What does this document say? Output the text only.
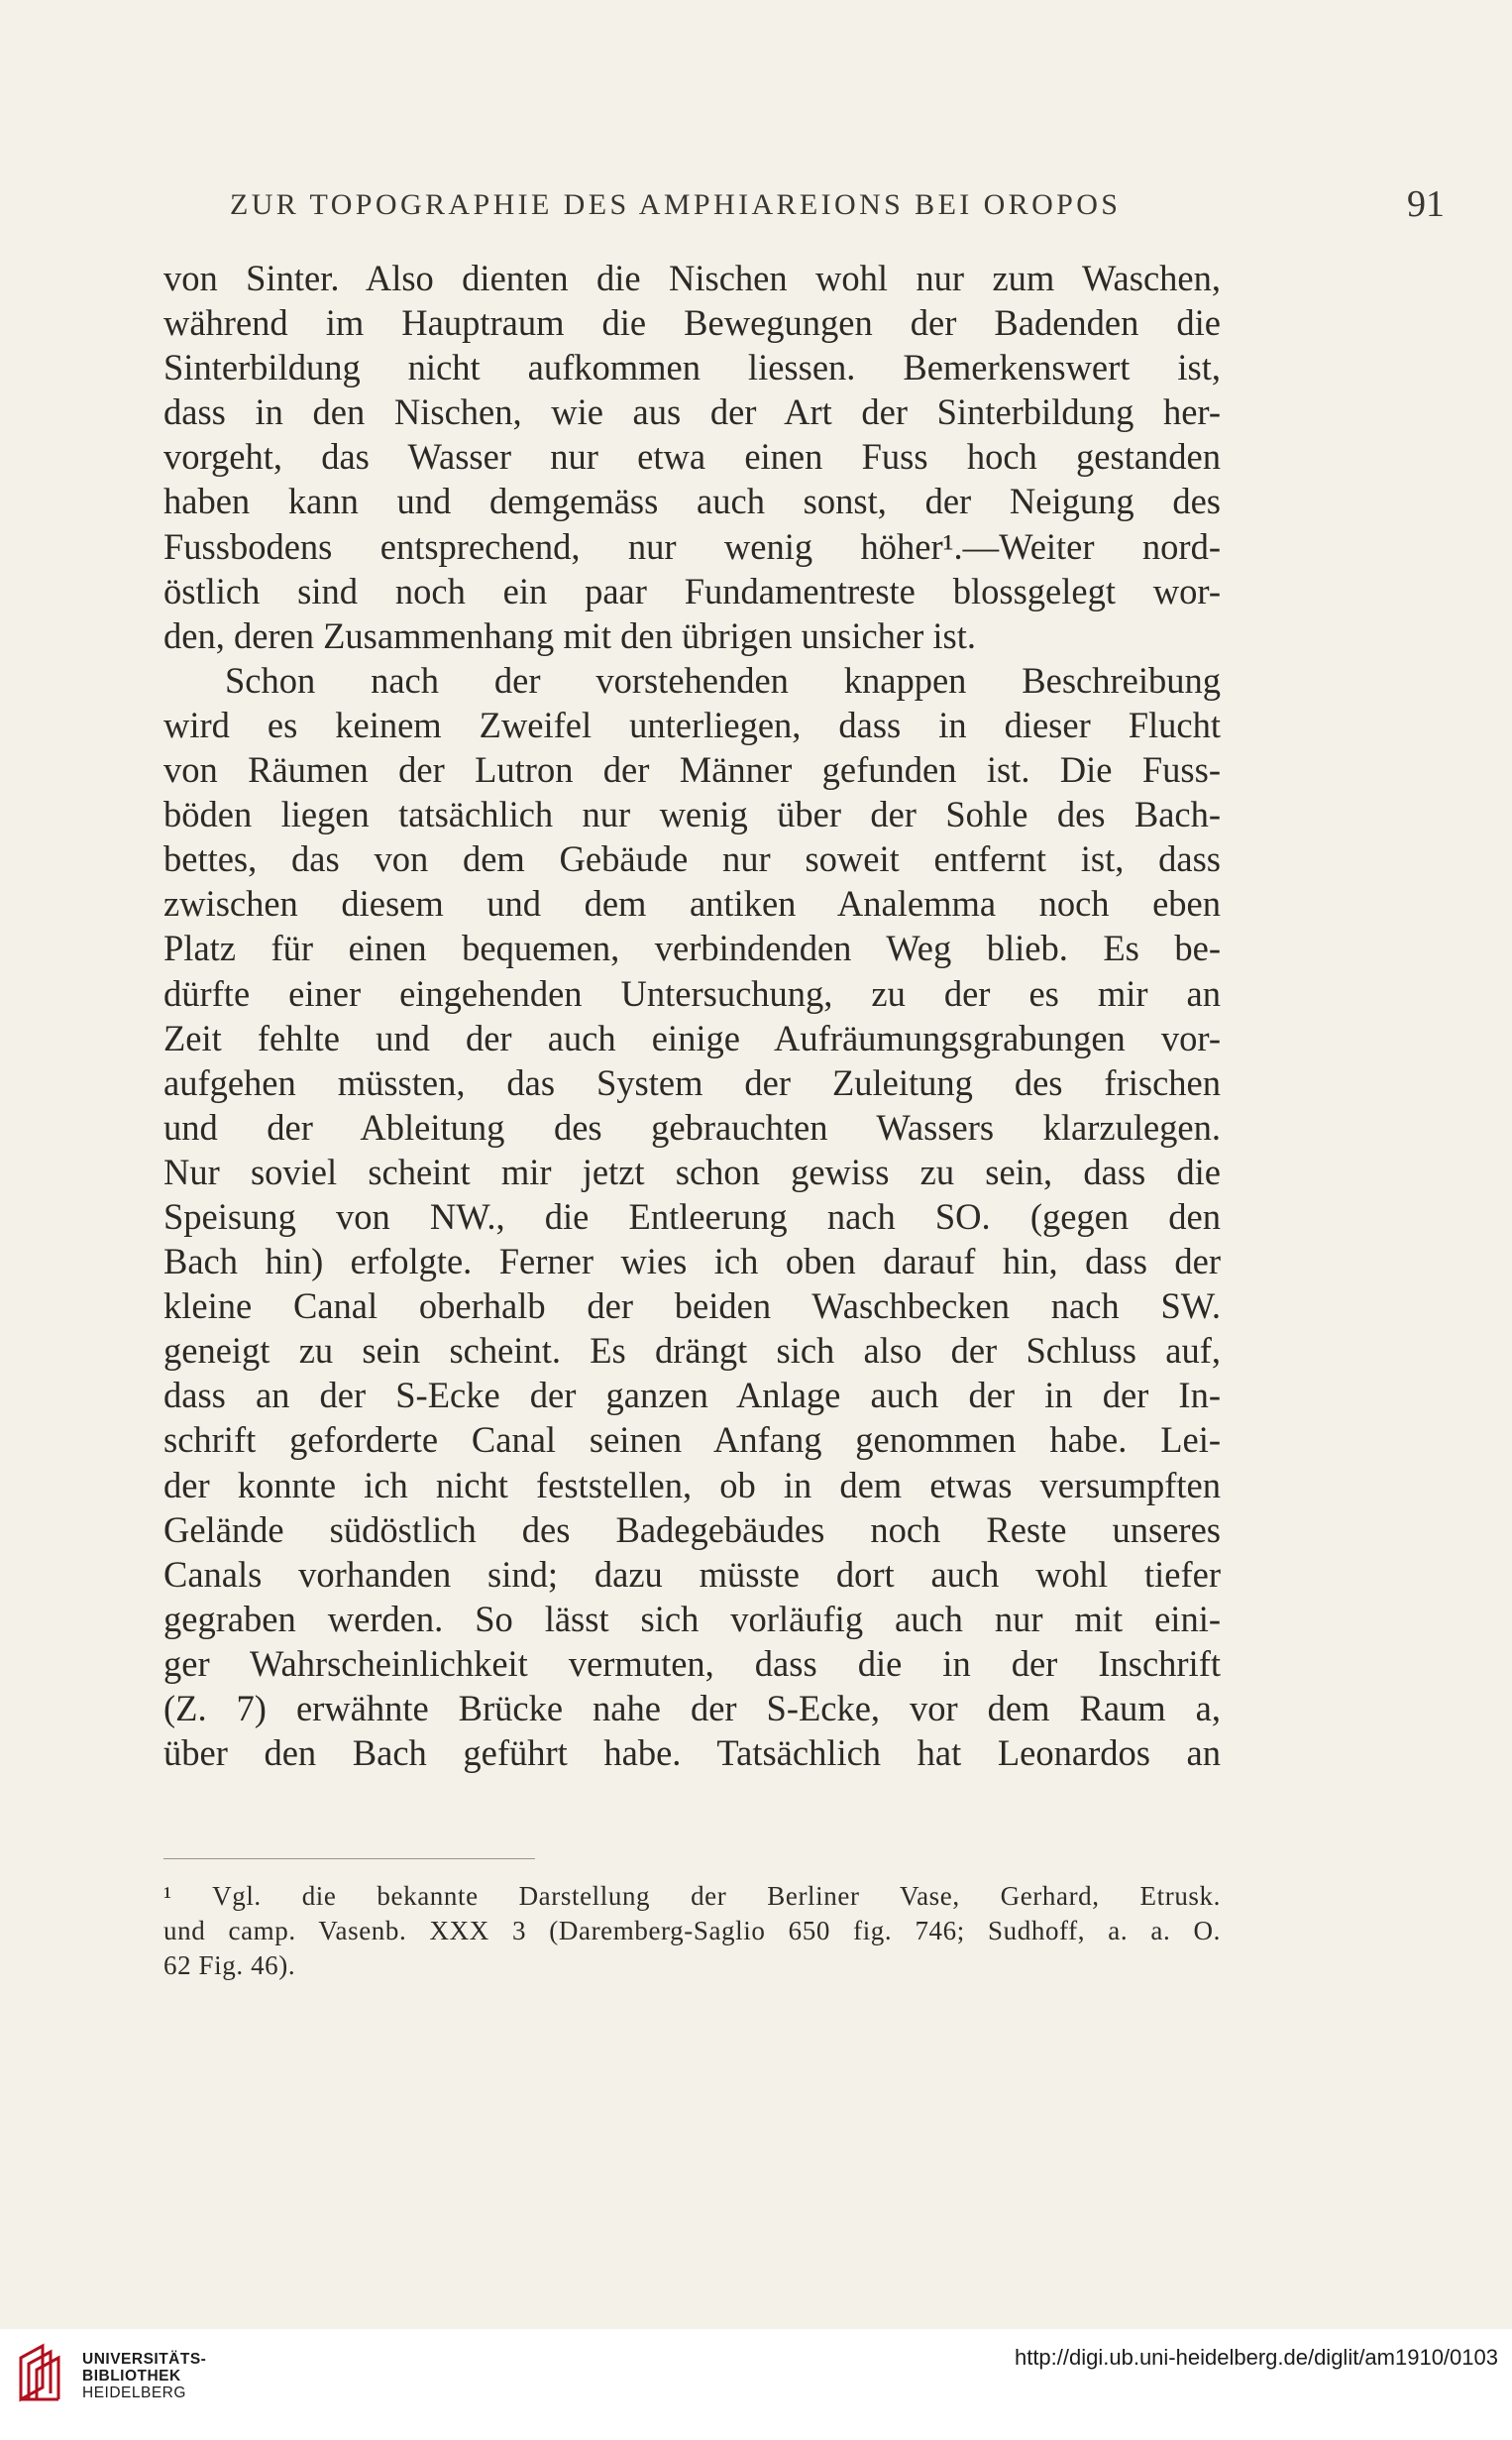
ZUR TOPOGRAPHIE DES AMPHIAREIONS BEI OROPOS	91
von Sinter. Also dienten die Nischen wohl nur zum Waschen,
während im Hauptraum die Bewegungen der Badenden die
Sinterbildung nicht aufkommen liessen. Bemerkenswert ist,
dass in den Nischen, wie aus der Art der Sinterbildung her-
vorgeht, das Wasser nur etwa einen Fuss hoch gestanden
haben kann und demgemäss auch sonst, der Neigung des
Fussbodens entsprechend, nur wenig höher¹.—Weiter nord-
östlich sind noch ein paar Fundamentreste blossgelegt wor-
den, deren Zusammenhang mit den übrigen unsicher ist.
Schon nach der vorstehenden knappen Beschreibung
wird es keinem Zweifel unterliegen, dass in dieser Flucht
von Räumen der Lutron der Männer gefunden ist. Die Fuss-
böden liegen tatsächlich nur wenig über der Sohle des Bach-
bettes, das von dem Gebäude nur soweit entfernt ist, dass
zwischen diesem und dem antiken Analemma noch eben
Platz für einen bequemen, verbindenden Weg blieb. Es be-
dürfte einer eingehenden Untersuchung, zu der es mir an
Zeit fehlte und der auch einige Aufräumungsgrabungen vor-
aufgehen müssten, das System der Zuleitung des frischen
und der Ableitung des gebrauchten Wassers klarzulegen.
Nur soviel scheint mir jetzt schon gewiss zu sein, dass die
Speisung von NW., die Entleerung nach SO. (gegen den
Bach hin) erfolgte. Ferner wies ich oben darauf hin, dass der
kleine Canal oberhalb der beiden Waschbecken nach SW.
geneigt zu sein scheint. Es drängt sich also der Schluss auf,
dass an der S-Ecke der ganzen Anlage auch der in der In-
schrift geforderte Canal seinen Anfang genommen habe. Lei-
der konnte ich nicht feststellen, ob in dem etwas versumpften
Gelände südöstlich des Badegebäudes noch Reste unseres
Canals vorhanden sind; dazu müsste dort auch wohl tiefer
gegraben werden. So lässt sich vorläufig auch nur mit eini-
ger Wahrscheinlichkeit vermuten, dass die in der Inschrift
(Z. 7) erwähnte Brücke nahe der S-Ecke, vor dem Raum a,
über den Bach geführt habe. Tatsächlich hat Leonardos an
¹ Vgl. die bekannte Darstellung der Berliner Vase, Gerhard, Etrusk.
und camp. Vasenb. XXX 3 (Daremberg-Saglio 650 fig. 746; Sudhoff, a. a. O.
62 Fig. 46).
UNIVERSITÄTS-
BIBLIOTHEK
HEIDELBERG
http://digi.ub.uni-heidelberg.de/diglit/am1910/0103
